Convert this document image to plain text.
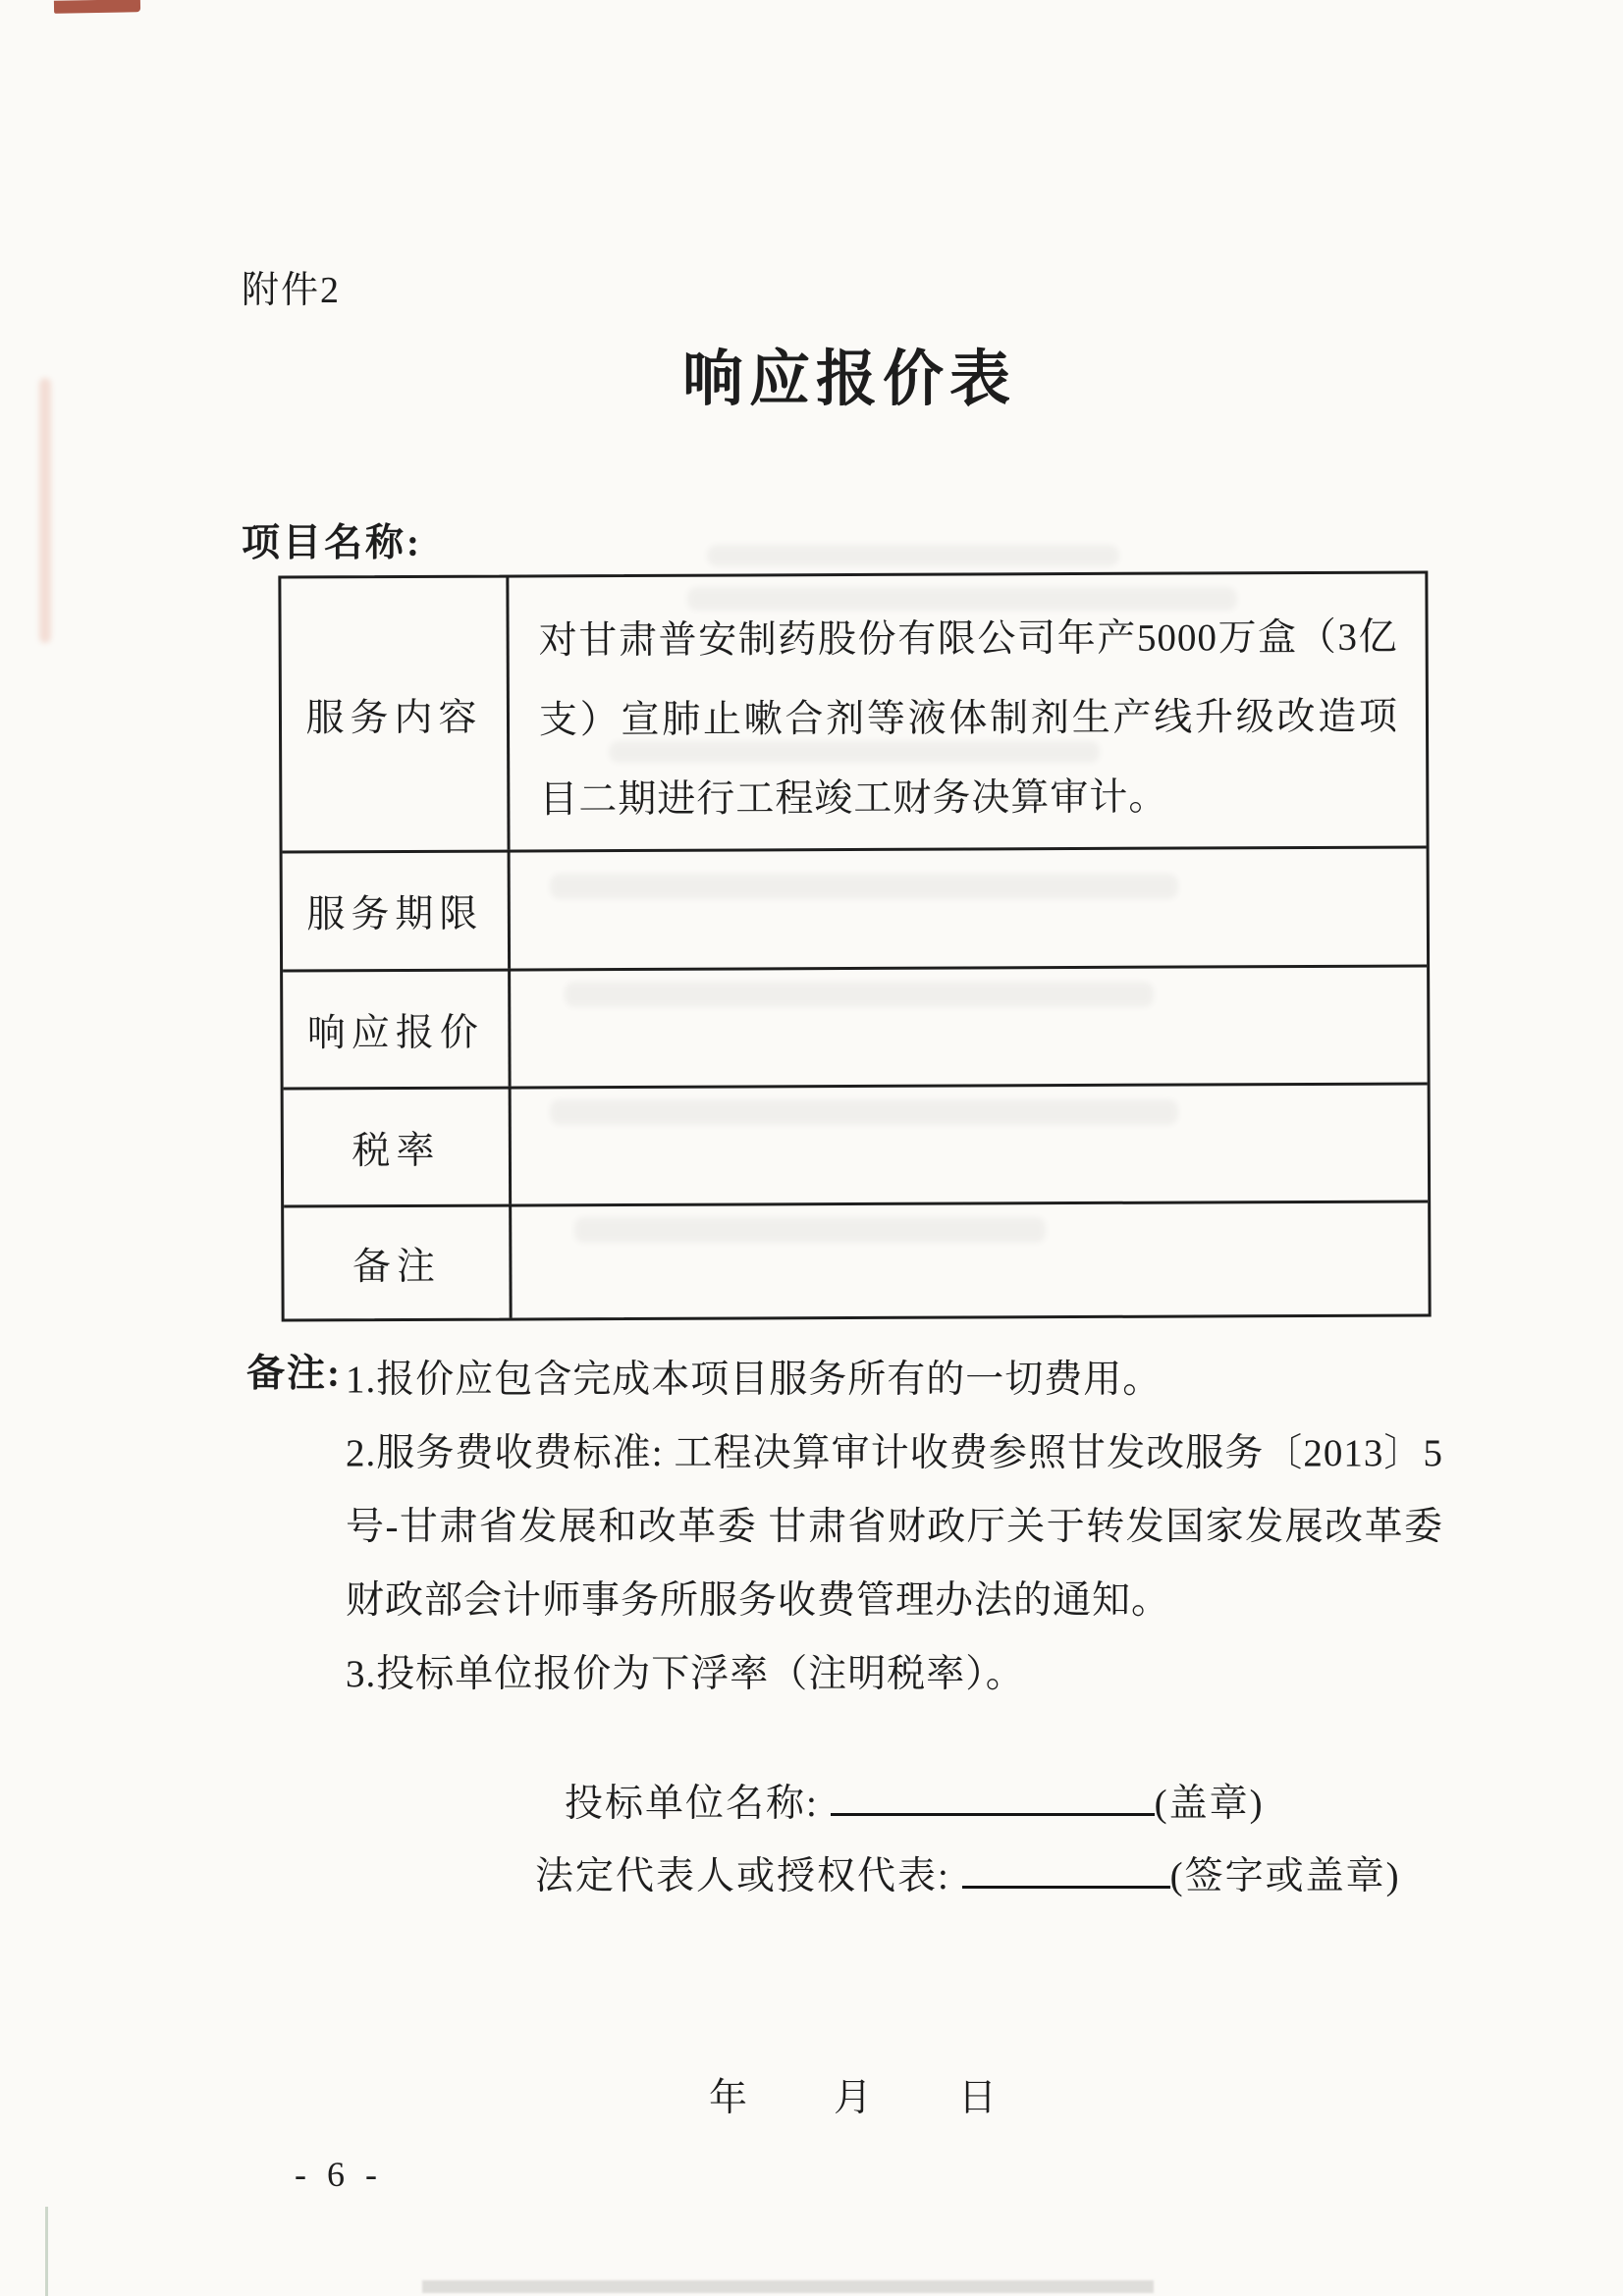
附件2
响应报价表
项目名称:
服务内容
对甘肃普安制药股份有限公司年产5000万盒（3亿支）宣肺止嗽合剂等液体制剂生产线升级改造项目二期进行工程竣工财务决算审计。
服务期限
响应报价
税率
备注
备注: 1.报价应包含完成本项目服务所有的一切费用。

2.服务费收费标准: 工程决算审计收费参照甘发改服务〔2013〕5号-甘肃省发展和改革委 甘肃省财政厅关于转发国家发展改革委财政部会计师事务所服务收费管理办法的通知。

3.投标单位报价为下浮率（注明税率）。

投标单位名称:	(盖章)
法定代表人或授权代表:	(签字或盖章)
年 月 日
- 6 -
